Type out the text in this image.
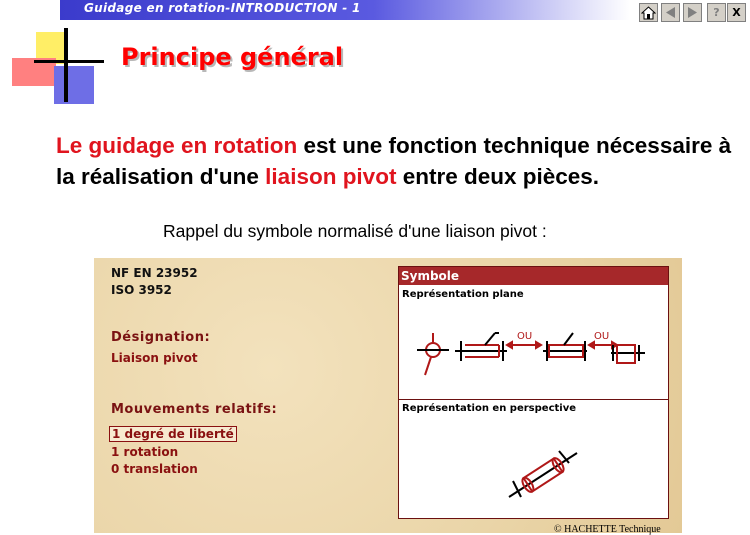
Guidage en rotation-INTRODUCTION - 1	?	X
Principe général
Le guidage en rotation est une fonction technique nécessaire à la réalisation d'une liaison pivot entre deux pièces.
Rappel du symbole normalisé d'une liaison pivot :
NF EN 23952
ISO 3952
Désignation:
Liaison pivot
Mouvements relatifs:
1 degré de liberté
1 rotation
0 translation
Symbole
Représentation plane
OU	OU
Représentation en perspective
© HACHETTE Technique
